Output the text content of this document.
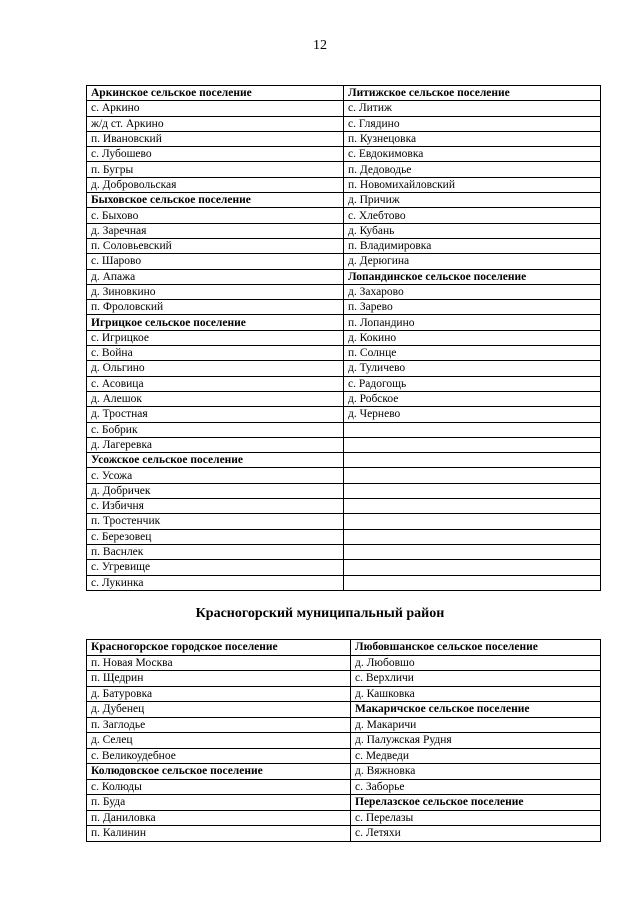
12
Аркинское сельское поселение	Литижское сельское поселение
с. Аркино	с. Литиж
ж/д ст. Аркино	с. Глядино
п. Ивановский	п. Кузнецовка
с. Лубошево	с. Евдокимовка
п. Бугры	п. Дедоводье
д. Добровольская	п. Новомихайловский
Быховское сельское поселение	д. Причиж
с. Быхово	с. Хлебтово
д. Заречная	д. Кубань
п. Соловьевский	п. Владимировка
с. Шарово	д. Дерюгина
д. Апажа	Лопандинское сельское поселение
д. Зиновкино	д. Захарово
п. Фроловский	п. Зарево
Игрицкое сельское поселение	п. Лопандино
с. Игрицкое	д. Кокино
с. Война	п. Солнце
д. Ольгино	д. Туличево
с. Асовица	с. Радогощь
д. Алешок	д. Робское
д. Тростная	д. Чернево
с. Бобрик	
д. Лагеревка	
Усожское сельское поселение	
с. Усожа	
д. Добричек	
с. Избичня	
п. Тростенчик	
с. Березовец	
п. Васнлек	
с. Угревище	
с. Лукинка	
Красногорский муниципальный район
Красногорское городское поселение	Любовшанское сельское поселение
п. Новая Москва	д. Любовшо
п. Щедрин	с. Верхличи
д. Батуровка	д. Кашковка
д. Дубенец	Макаричское сельское поселение
п. Заглодье	д. Макаричи
д. Селец	д. Палужская Рудня
с. Великоудебное	с. Медведи
Колюдовское сельское поселение	д. Вяжновка
с. Колюды	с. Заборье
п. Буда	Перелазское сельское поселение
п. Даниловка	с. Перелазы
п. Калинин	с. Летяхи
